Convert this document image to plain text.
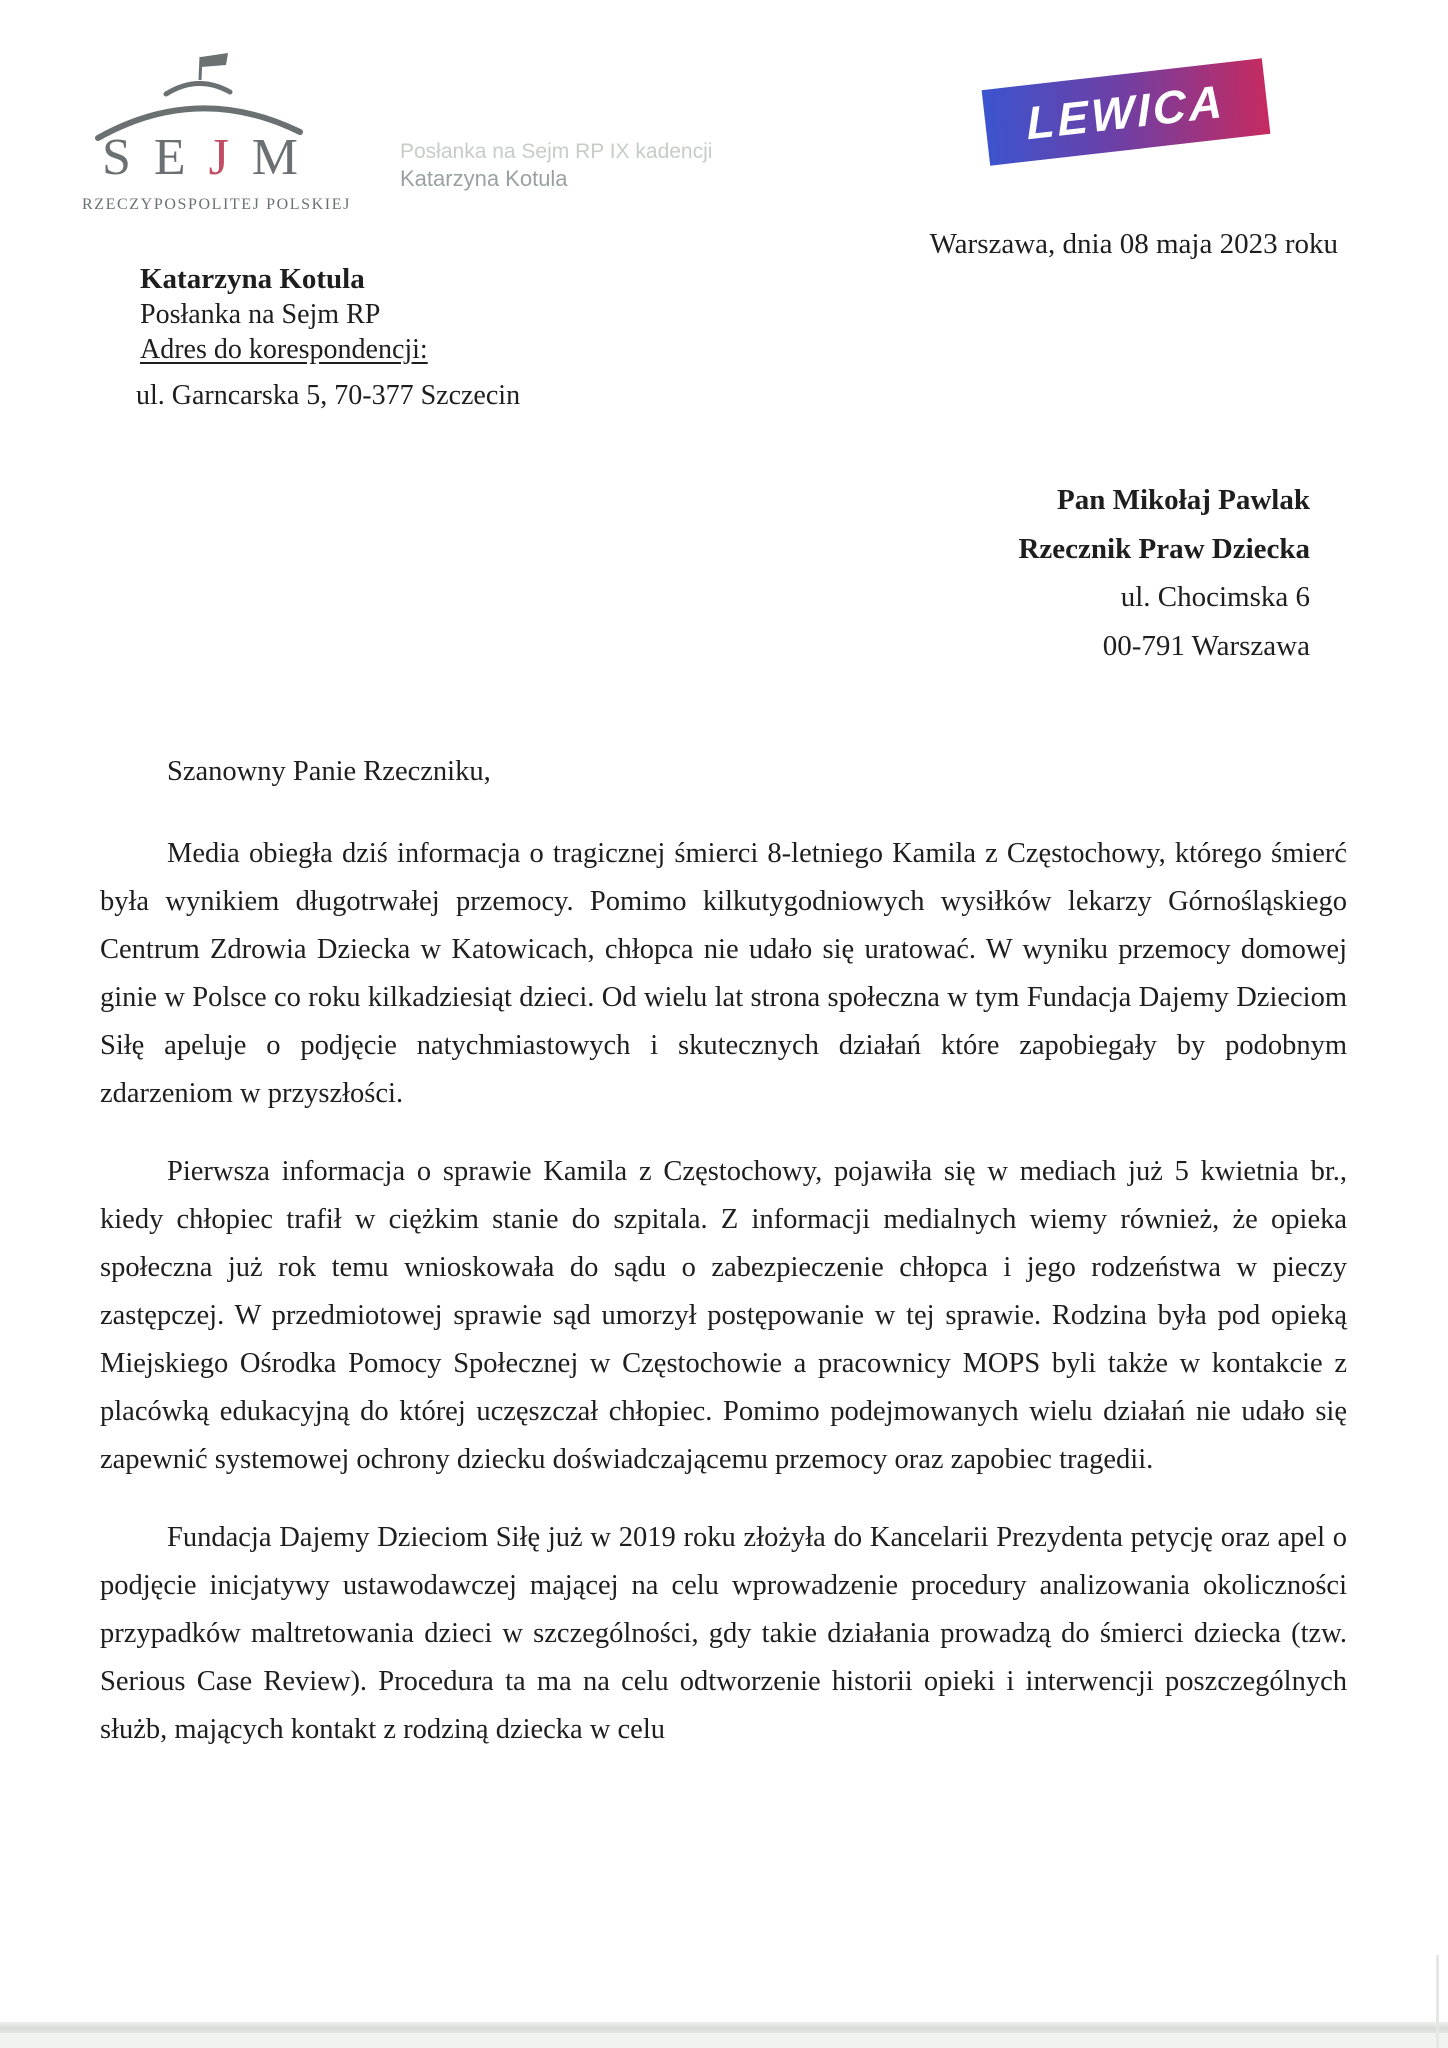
S E J M
RZECZYPOSPOLITEJ POLSKIEJ
Posłanka na Sejm RP IX kadencji
Katarzyna Kotula
LEWICA
Warszawa, dnia 08 maja 2023 roku
Katarzyna Kotula
Posłanka na Sejm RP
Adres do korespondencji:
ul. Garncarska 5, 70-377 Szczecin
Pan Mikołaj Pawlak
Rzecznik Praw Dziecka
ul. Chocimska 6
00-791 Warszawa
Szanowny Panie Rzeczniku,

Media obiegła dziś informacja o tragicznej śmierci 8-letniego Kamila z Częstochowy, którego śmierć była wynikiem długotrwałej przemocy. Pomimo kilkutygodniowych wysiłków lekarzy Górnośląskiego Centrum Zdrowia Dziecka w Katowicach, chłopca nie udało się uratować. W wyniku przemocy domowej ginie w Polsce co roku kilkadziesiąt dzieci. Od wielu lat strona społeczna w tym Fundacja Dajemy Dzieciom Siłę apeluje o podjęcie natychmiastowych i skutecznych działań które zapobiegały by podobnym zdarzeniom w przyszłości.

Pierwsza informacja o sprawie Kamila z Częstochowy, pojawiła się w mediach już 5 kwietnia br., kiedy chłopiec trafił w ciężkim stanie do szpitala. Z informacji medialnych wiemy również, że opieka społeczna już rok temu wnioskowała do sądu o zabezpieczenie chłopca i jego rodzeństwa w pieczy zastępczej. W przedmiotowej sprawie sąd umorzył postępowanie w tej sprawie. Rodzina była pod opieką Miejskiego Ośrodka Pomocy Społecznej w Częstochowie a pracownicy MOPS byli także w kontakcie z placówką edukacyjną do której uczęszczał chłopiec. Pomimo podejmowanych wielu działań nie udało się zapewnić systemowej ochrony dziecku doświadczającemu przemocy oraz zapobiec tragedii.

Fundacja Dajemy Dzieciom Siłę już w 2019 roku złożyła do Kancelarii Prezydenta petycję oraz apel o podjęcie inicjatywy ustawodawczej mającej na celu wprowadzenie procedury analizowania okoliczności przypadków maltretowania dzieci w szczególności, gdy takie działania prowadzą do śmierci dziecka (tzw. Serious Case Review). Procedura ta ma na celu odtworzenie historii opieki i interwencji poszczególnych służb, mających kontakt z rodziną dziecka w celu
